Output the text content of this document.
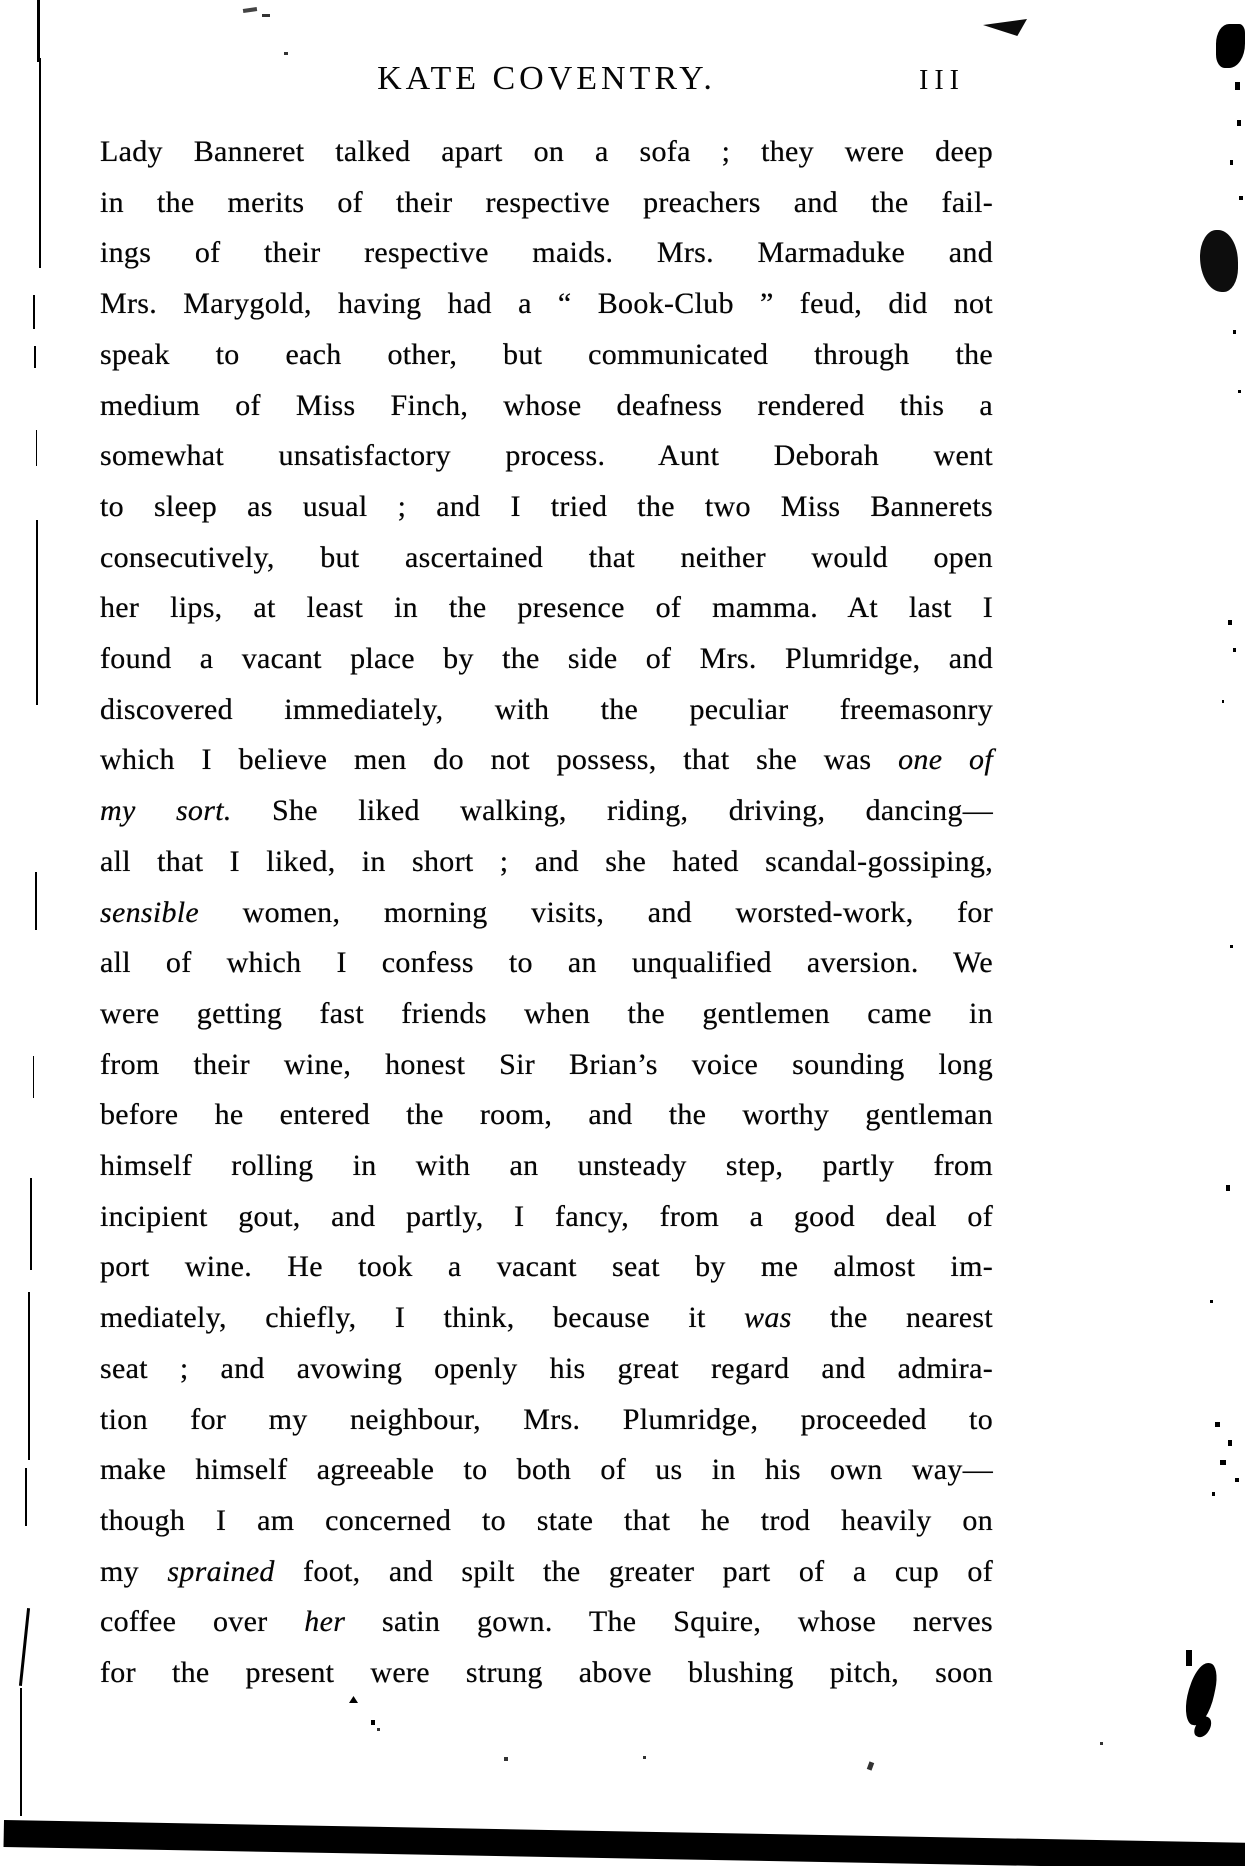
KATE COVENTRY.	III
Lady Banneret talked apart on a sofa ; they were deep
in the merits of their respective preachers and the fail-
ings of their respective maids. Mrs. Marmaduke and
Mrs. Marygold, having had a “ Book-Club ” feud, did not
speak to each other, but communicated through the
medium of Miss Finch, whose deafness rendered this a
somewhat unsatisfactory process. Aunt Deborah went
to sleep as usual ; and I tried the two Miss Bannerets
consecutively, but ascertained that neither would open
her lips, at least in the presence of mamma. At last I
found a vacant place by the side of Mrs. Plumridge, and
discovered immediately, with the peculiar freemasonry
which I believe men do not possess, that she was one of
my sort. She liked walking, riding, driving, dancing—
all that I liked, in short ; and she hated scandal-gossiping,
sensible women, morning visits, and worsted-work, for
all of which I confess to an unqualified aversion. We
were getting fast friends when the gentlemen came in
from their wine, honest Sir Brian’s voice sounding long
before he entered the room, and the worthy gentleman
himself rolling in with an unsteady step, partly from
incipient gout, and partly, I fancy, from a good deal of
port wine. He took a vacant seat by me almost im-
mediately, chiefly, I think, because it was the nearest
seat ; and avowing openly his great regard and admira-
tion for my neighbour, Mrs. Plumridge, proceeded to
make himself agreeable to both of us in his own way—
though I am concerned to state that he trod heavily on
my sprained foot, and spilt the greater part of a cup of
coffee over her satin gown. The Squire, whose nerves
for the present were strung above blushing pitch, soon
